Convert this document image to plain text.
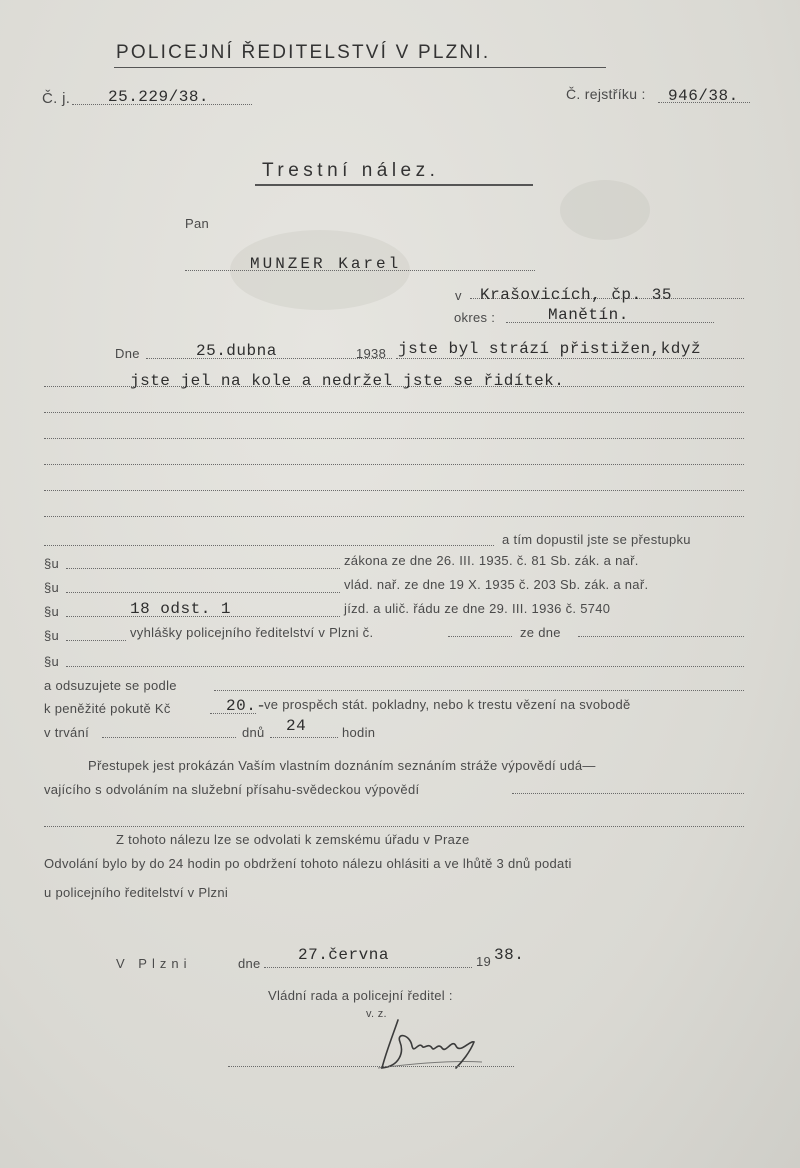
POLICEJNÍ ŘEDITELSTVÍ V PLZNI.
Č. j. 25.229/38.	Č. rejstříku : 946/38.
Trestní nález.
Pan
MUNZER Karel
v Krašovicích, čp. 35
okres :	Manětín.
Dne	25.dubna	1938 jste byl strází přistižen,když
jste jel na kole a nedržel jste se řidítek.
a tím dopustil jste se přestupku
§u	zákona ze dne 26. III. 1935. č. 81 Sb. zák. a nař.
§u	vlád. nař. ze dne 19 X. 1935 č. 203 Sb. zák. a nař.
§u	18 odst. 1	jízd. a ulič. řádu ze dne 29. III. 1936 č. 5740
§u	vyhlášky policejního ředitelství v Plzni č.	ze dne
§u
a odsuzujete se podle
k peněžité pokutě Kč	20.-
ve prospěch stát. pokladny, nebo k trestu vězení na svobodě
v trvání	dnů 24	hodin
Přestupek jest prokázán Vaším vlastním doznáním seznáním stráže výpovědí udá—
vajícího s odvoláním na služební přísahu-svědeckou výpovědí
Z tohoto nálezu lze se odvolati k zemskému úřadu v Praze
Odvolání bylo by do 24 hodin po obdržení tohoto nálezu ohlásiti a ve lhůtě 3 dnů podati
u policejního ředitelství v Plzni
V Plzni	dne 27.června	19 38.
Vládní rada a policejní ředitel :
v. z.
